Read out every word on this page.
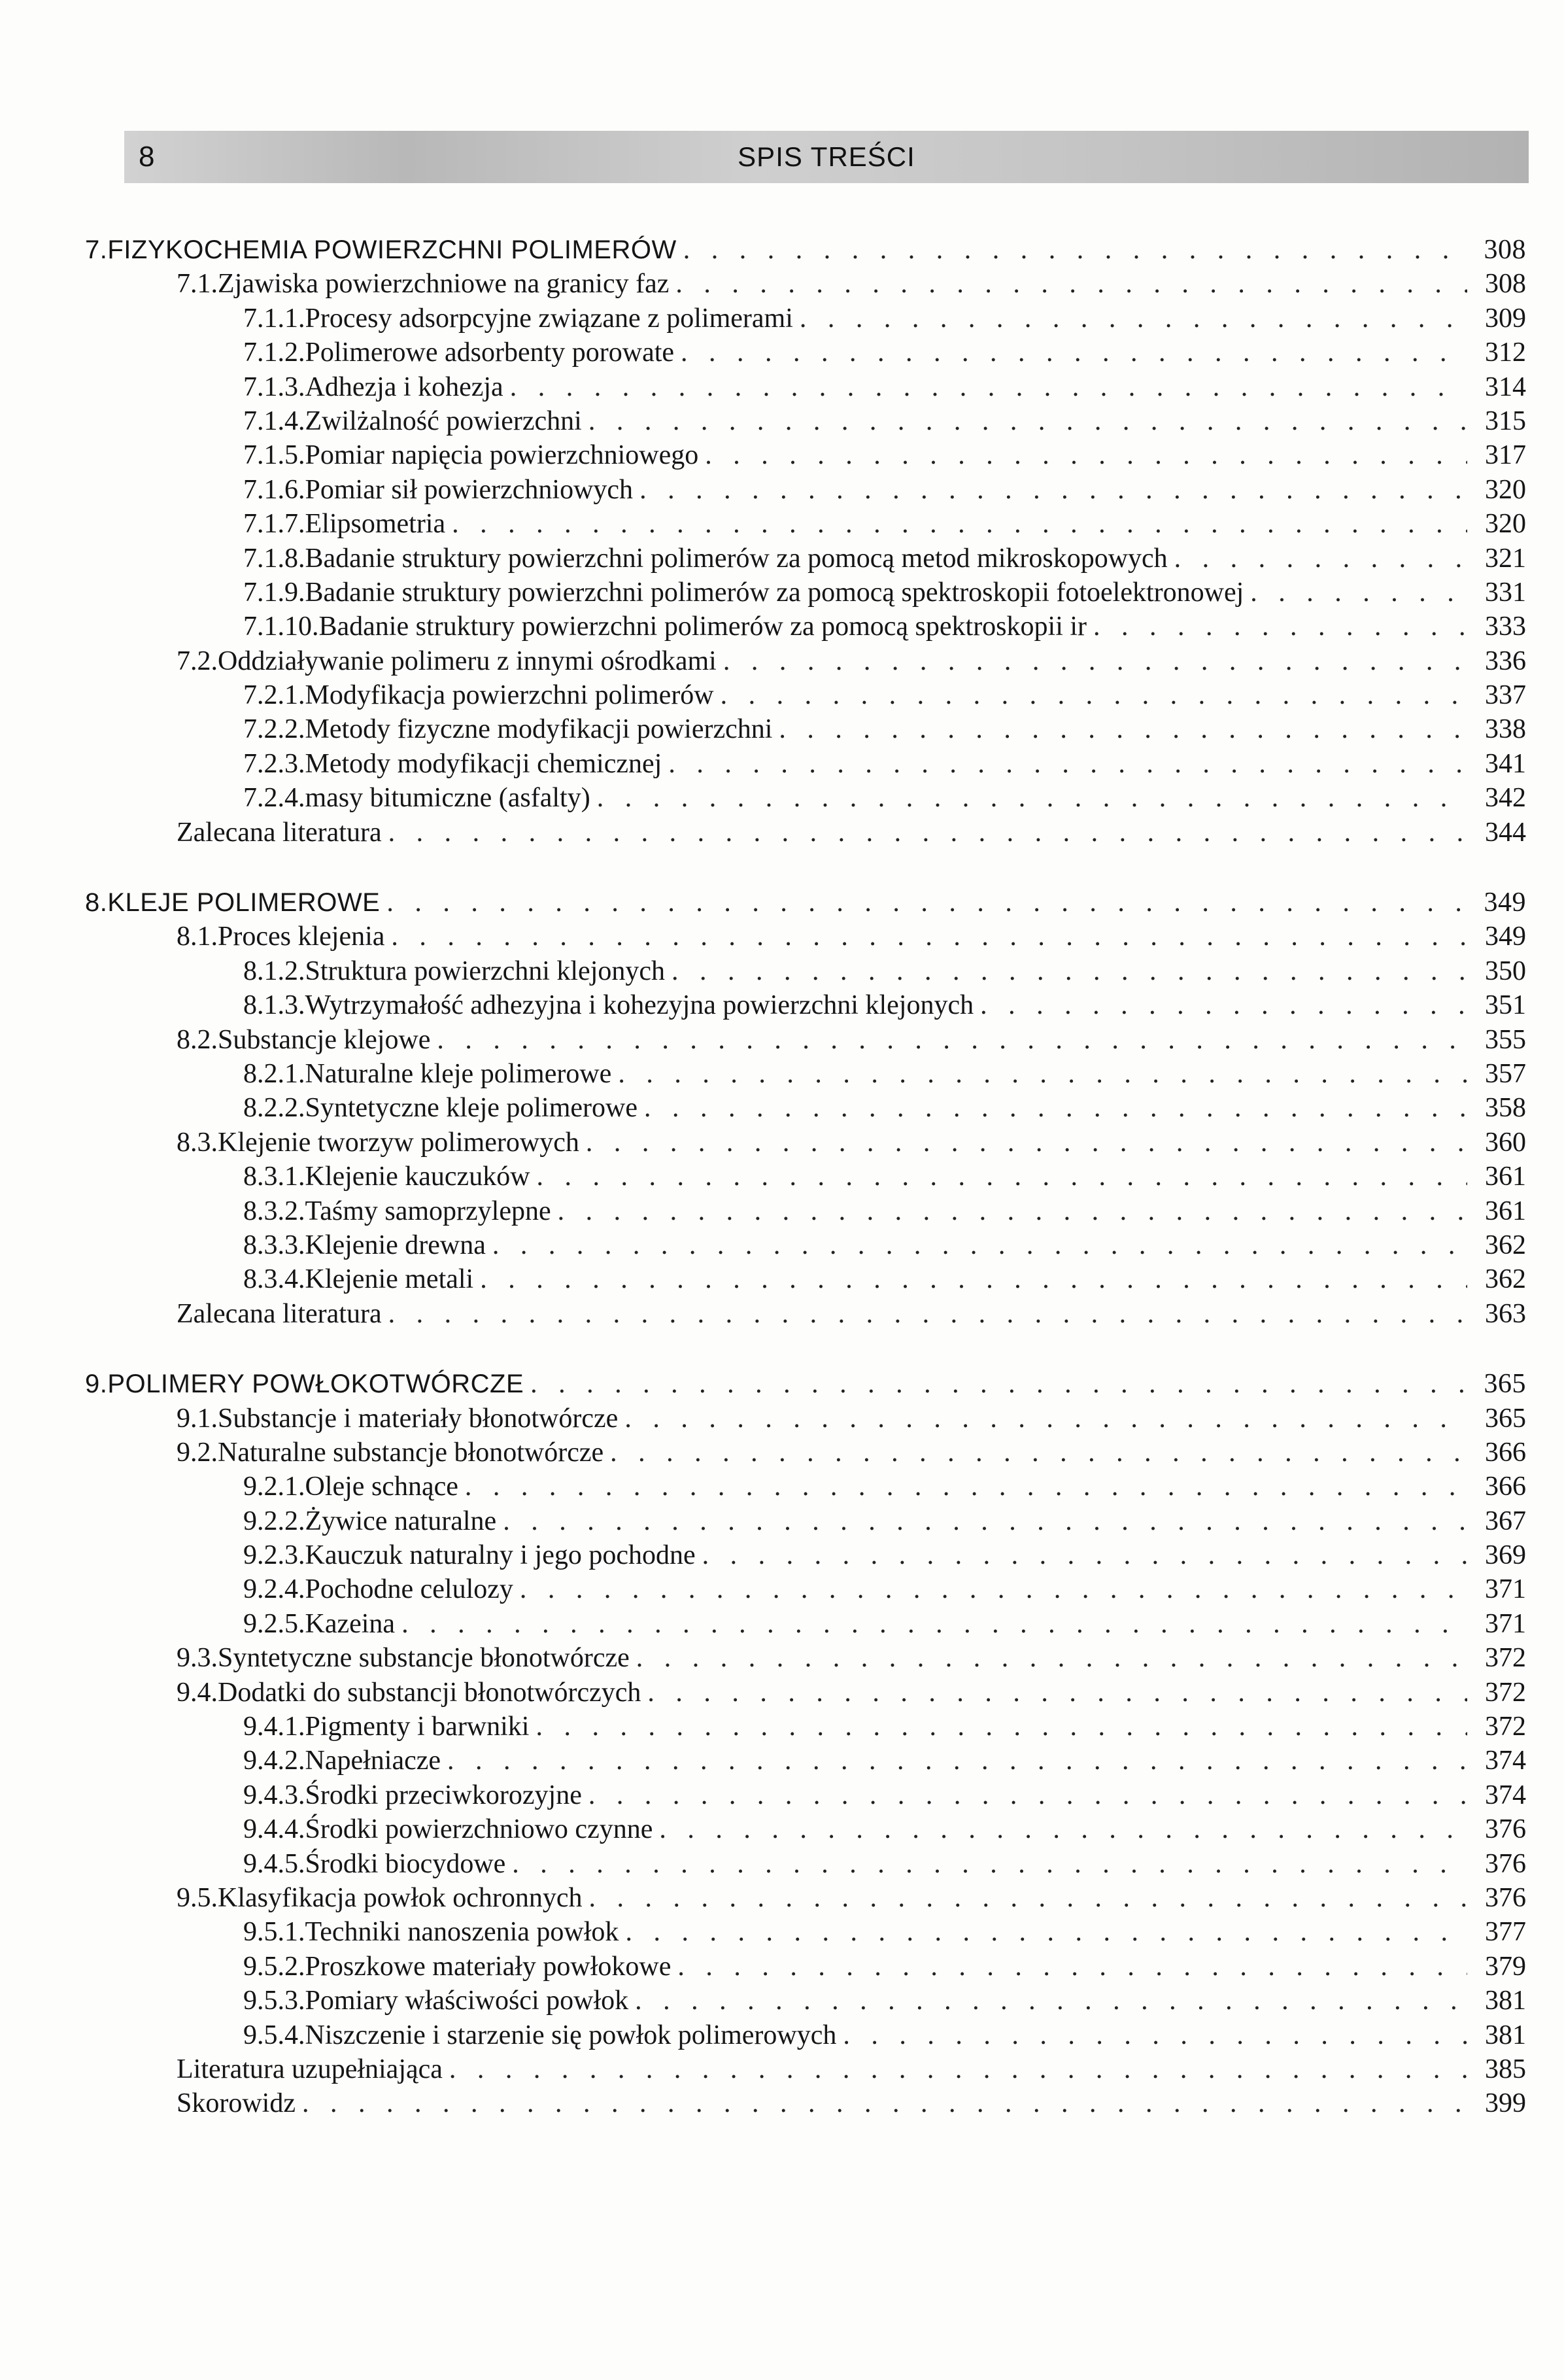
8	SPIS TREŚCI
7. FIZYKOCHEMIA POWIERZCHNI POLIMERÓW . . .	308
7.1. Zjawiska powierzchniowe na granicy faz . . .	308
7.1.1. Procesy adsorpcyjne związane z polimerami . . .	309
7.1.2. Polimerowe adsorbenty porowate . . .	312
7.1.3. Adhezja i kohezja . . .	314
7.1.4. Zwilżalność powierzchni . . .	315
7.1.5. Pomiar napięcia powierzchniowego . . .	317
7.1.6. Pomiar sił powierzchniowych . . .	320
7.1.7. Elipsometria . . .	320
7.1.8. Badanie struktury powierzchni polimerów za pomocą metod mikroskopowych . . .	321
7.1.9. Badanie struktury powierzchni polimerów za pomocą spektroskopii fotoelektronowej . . .	331
7.1.10. Badanie struktury powierzchni polimerów za pomocą spektroskopii ir . . .	333
7.2. Oddziaływanie polimeru z innymi ośrodkami . . .	336
7.2.1. Modyfikacja powierzchni polimerów . . .	337
7.2.2. Metody fizyczne modyfikacji powierzchni . . .	338
7.2.3. Metody modyfikacji chemicznej . . .	341
7.2.4. masy bitumiczne (asfalty) . . .	342
Zalecana literatura . . .	344
8. KLEJE POLIMEROWE . . .	349
8.1. Proces klejenia . . .	349
8.1.2. Struktura powierzchni klejonych . . .	350
8.1.3. Wytrzymałość adhezyjna i kohezyjna powierzchni klejonych . . .	351
8.2. Substancje klejowe . . .	355
8.2.1. Naturalne kleje polimerowe . . .	357
8.2.2. Syntetyczne kleje polimerowe . . .	358
8.3. Klejenie tworzyw polimerowych . . .	360
8.3.1. Klejenie kauczuków . . .	361
8.3.2. Taśmy samoprzylepne . . .	361
8.3.3. Klejenie drewna . . .	362
8.3.4. Klejenie metali . . .	362
Zalecana literatura . . .	363
9. POLIMERY POWŁOKOTWÓRCZE . . .	365
9.1. Substancje i materiały błonotwórcze . . .	365
9.2. Naturalne substancje błonotwórcze . . .	366
9.2.1. Oleje schnące . . .	366
9.2.2. Żywice naturalne . . .	367
9.2.3. Kauczuk naturalny i jego pochodne . . .	369
9.2.4. Pochodne celulozy . . .	371
9.2.5. Kazeina . . .	371
9.3. Syntetyczne substancje błonotwórcze . . .	372
9.4. Dodatki do substancji błonotwórczych . . .	372
9.4.1. Pigmenty i barwniki . . .	372
9.4.2. Napełniacze . . .	374
9.4.3. Środki przeciwkorozyjne . . .	374
9.4.4. Środki powierzchniowo czynne . . .	376
9.4.5. Środki biocydowe . . .	376
9.5. Klasyfikacja powłok ochronnych . . .	376
9.5.1. Techniki nanoszenia powłok . . .	377
9.5.2. Proszkowe materiały powłokowe . . .	379
9.5.3. Pomiary właściwości powłok . . .	381
9.5.4. Niszczenie i starzenie się powłok polimerowych . . .	381
Literatura uzupełniająca . . .	385
Skorowidz . . .	399
